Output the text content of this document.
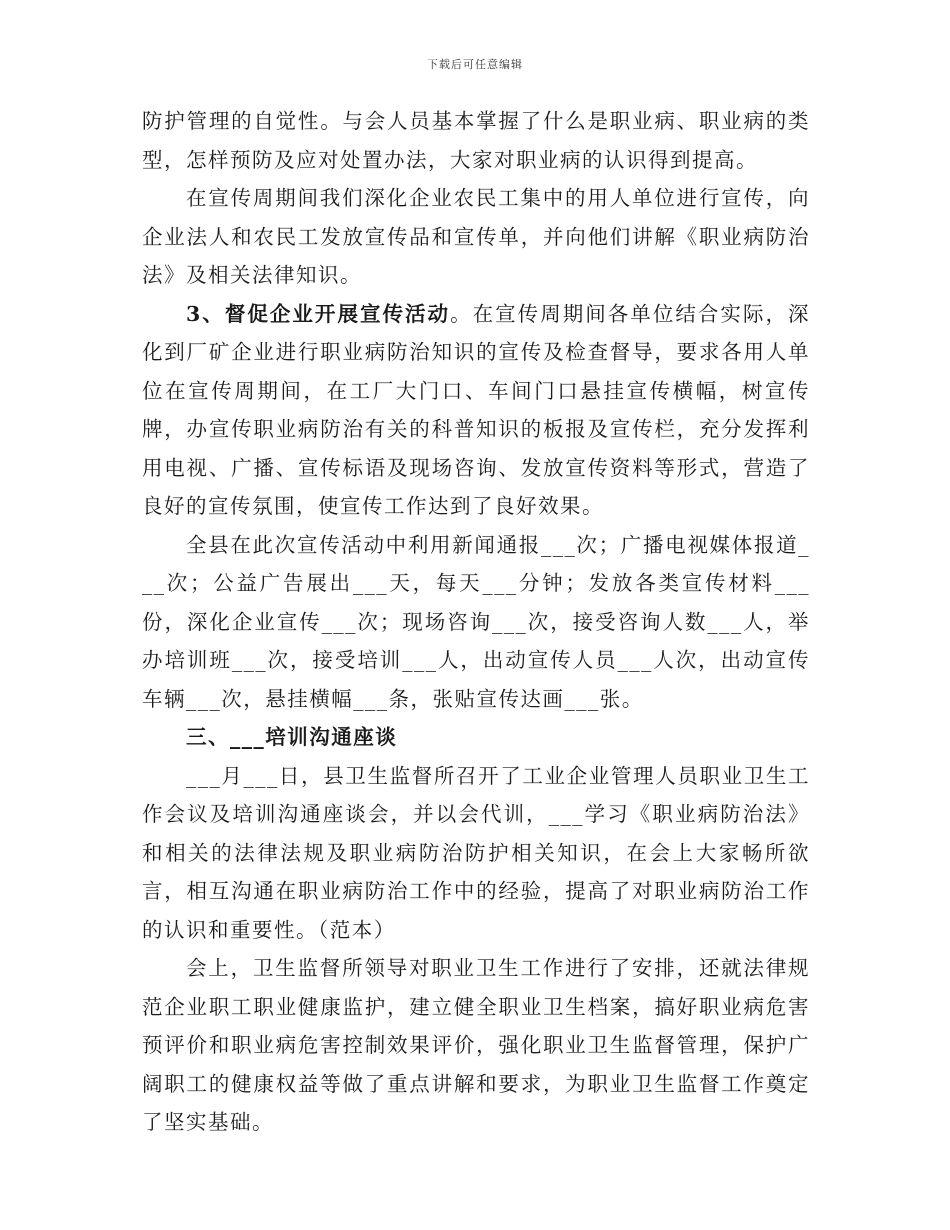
下载后可任意编辑

防护管理的自觉性。与会人员基本掌握了什么是职业病、职业病的类型，怎样预防及应对处置办法，大家对职业病的认识得到提高。

在宣传周期间我们深化企业农民工集中的用人单位进行宣传，向企业法人和农民工发放宣传品和宣传单，并向他们讲解《职业病防治法》及相关法律知识。

3、督促企业开展宣传活动。在宣传周期间各单位结合实际，深化到厂矿企业进行职业病防治知识的宣传及检查督导，要求各用人单位在宣传周期间，在工厂大门口、车间门口悬挂宣传横幅，树宣传牌，办宣传职业病防治有关的科普知识的板报及宣传栏，充分发挥利用电视、广播、宣传标语及现场咨询、发放宣传资料等形式，营造了良好的宣传氛围，使宣传工作达到了良好效果。

全县在此次宣传活动中利用新闻通报___次；广播电视媒体报道___次；公益广告展出___天，每天___分钟；发放各类宣传材料___份，深化企业宣传___次；现场咨询___次，接受咨询人数___人，举办培训班___次，接受培训___人，出动宣传人员___人次，出动宣传车辆___次，悬挂横幅___条，张贴宣传达画___张。

三、___培训沟通座谈

___月___日，县卫生监督所召开了工业企业管理人员职业卫生工作会议及培训沟通座谈会，并以会代训，___学习《职业病防治法》和相关的法律法规及职业病防治防护相关知识，在会上大家畅所欲言，相互沟通在职业病防治工作中的经验，提高了对职业病防治工作的认识和重要性。（范本）

会上，卫生监督所领导对职业卫生工作进行了安排，还就法律规范企业职工职业健康监护，建立健全职业卫生档案，搞好职业病危害预评价和职业病危害控制效果评价，强化职业卫生监督管理，保护广阔职工的健康权益等做了重点讲解和要求，为职业卫生监督工作奠定了坚实基础。
